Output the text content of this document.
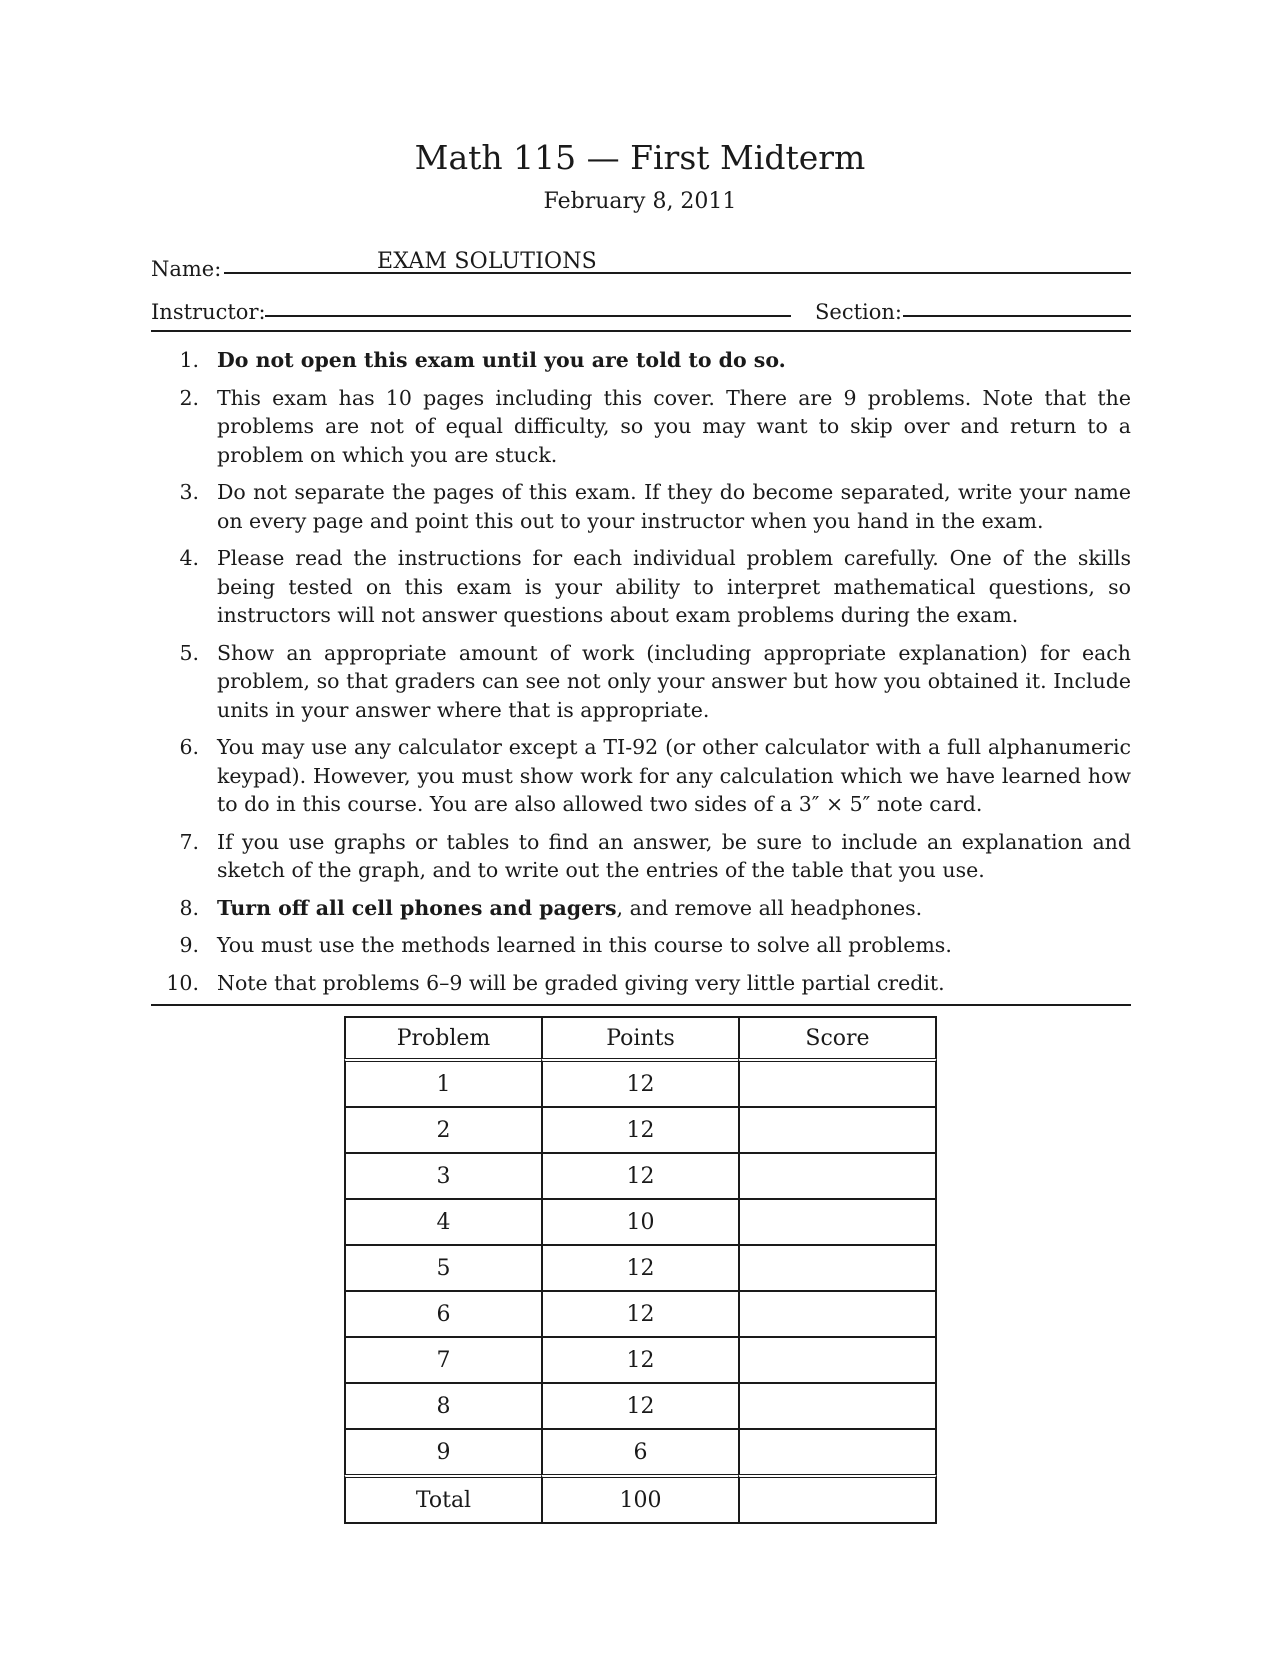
Math 115 — First Midterm
February 8, 2011
Name:	EXAM SOLUTIONS
Instructor:	Section:
1. Do not open this exam until you are told to do so.
2. This exam has 10 pages including this cover. There are 9 problems. Note that the problems are not of equal difficulty, so you may want to skip over and return to a problem on which you are stuck.
3. Do not separate the pages of this exam. If they do become separated, write your name on every page and point this out to your instructor when you hand in the exam.
4. Please read the instructions for each individual problem carefully. One of the skills being tested on this exam is your ability to interpret mathematical questions, so instructors will not answer questions about exam problems during the exam.
5. Show an appropriate amount of work (including appropriate explanation) for each problem, so that graders can see not only your answer but how you obtained it. Include units in your answer where that is appropriate.
6. You may use any calculator except a TI-92 (or other calculator with a full alphanumeric keypad). However, you must show work for any calculation which we have learned how to do in this course. You are also allowed two sides of a 3″ × 5″ note card.
7. If you use graphs or tables to find an answer, be sure to include an explanation and sketch of the graph, and to write out the entries of the table that you use.
8. Turn off all cell phones and pagers, and remove all headphones.
9. You must use the methods learned in this course to solve all problems.
10. Note that problems 6–9 will be graded giving very little partial credit.
Problem	Points	Score
1	12	
2	12	
3	12	
4	10	
5	12	
6	12	
7	12	
8	12	
9	6	
Total	100	
